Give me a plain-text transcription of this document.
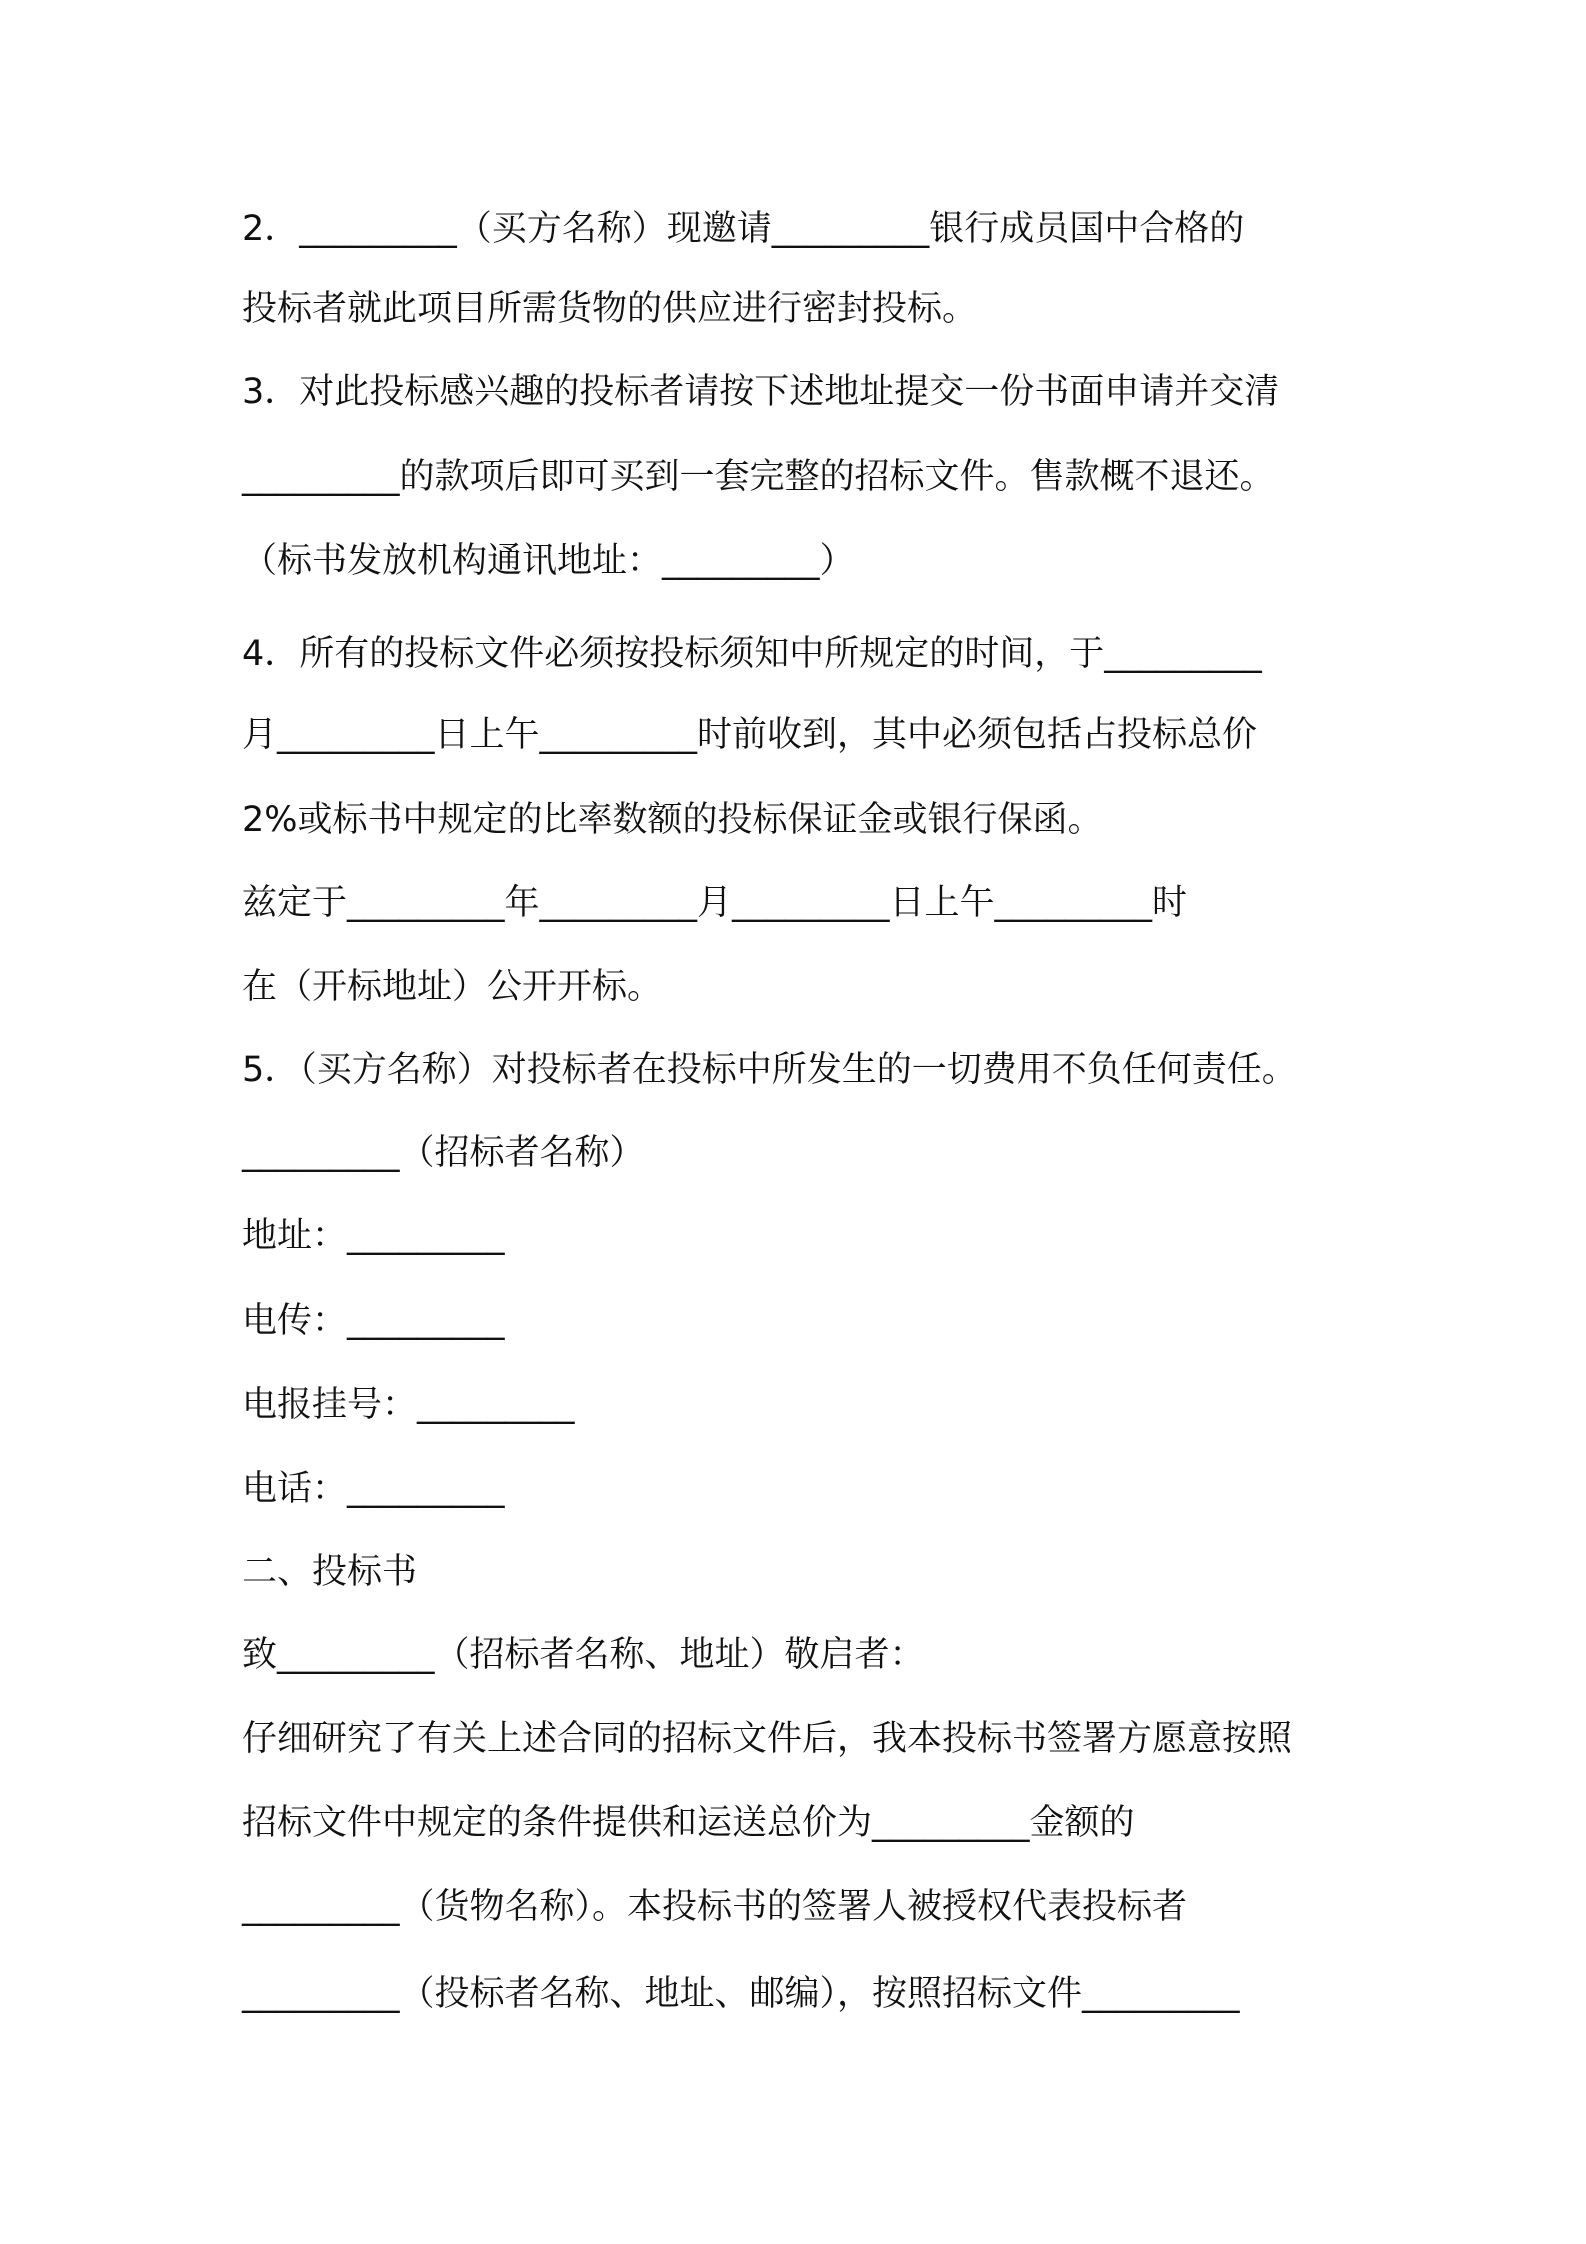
2．_________（买方名称）现邀请_________银行成员国中合格的
投标者就此项目所需货物的供应进行密封投标。
3．对此投标感兴趣的投标者请按下述地址提交一份书面申请并交清
_________的款项后即可买到一套完整的招标文件。售款概不退还。
（标书发放机构通讯地址：_________）
4．所有的投标文件必须按投标须知中所规定的时间，于_________
月_________日上午_________时前收到，其中必须包括占投标总价
2%或标书中规定的比率数额的投标保证金或银行保函。
兹定于_________年_________月_________日上午_________时
在（开标地址）公开开标。
5．（买方名称）对投标者在投标中所发生的一切费用不负任何责任。
_________（招标者名称）
地址：_________
电传：_________
电报挂号：_________
电话：_________
二、投标书
致_________（招标者名称、地址）敬启者：
仔细研究了有关上述合同的招标文件后，我本投标书签署方愿意按照
招标文件中规定的条件提供和运送总价为_________金额的
_________（货物名称）。本投标书的签署人被授权代表投标者
_________（投标者名称、地址、邮编），按照招标文件_________
